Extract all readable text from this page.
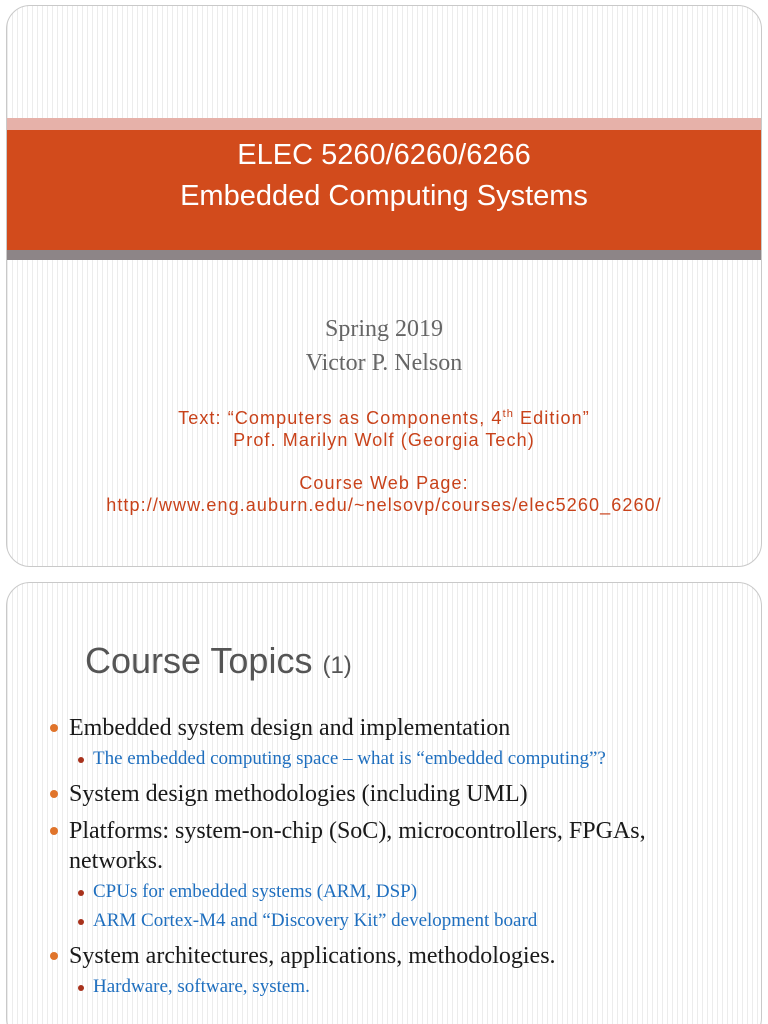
ELEC 5260/6260/6266
Embedded Computing Systems
Spring 2019
Victor P. Nelson
Text: “Computers as Components, 4th Edition”
Prof. Marilyn Wolf (Georgia Tech)
Course Web Page:
http://www.eng.auburn.edu/~nelsovp/courses/elec5260_6260/
Course Topics (1)
Embedded system design and implementation
The embedded computing space – what is “embedded computing”?
System design methodologies (including UML)
Platforms: system-on-chip (SoC), microcontrollers, FPGAs, networks.
CPUs for embedded systems (ARM, DSP)
ARM Cortex-M4 and “Discovery Kit” development board
System architectures, applications, methodologies.
Hardware, software, system.
